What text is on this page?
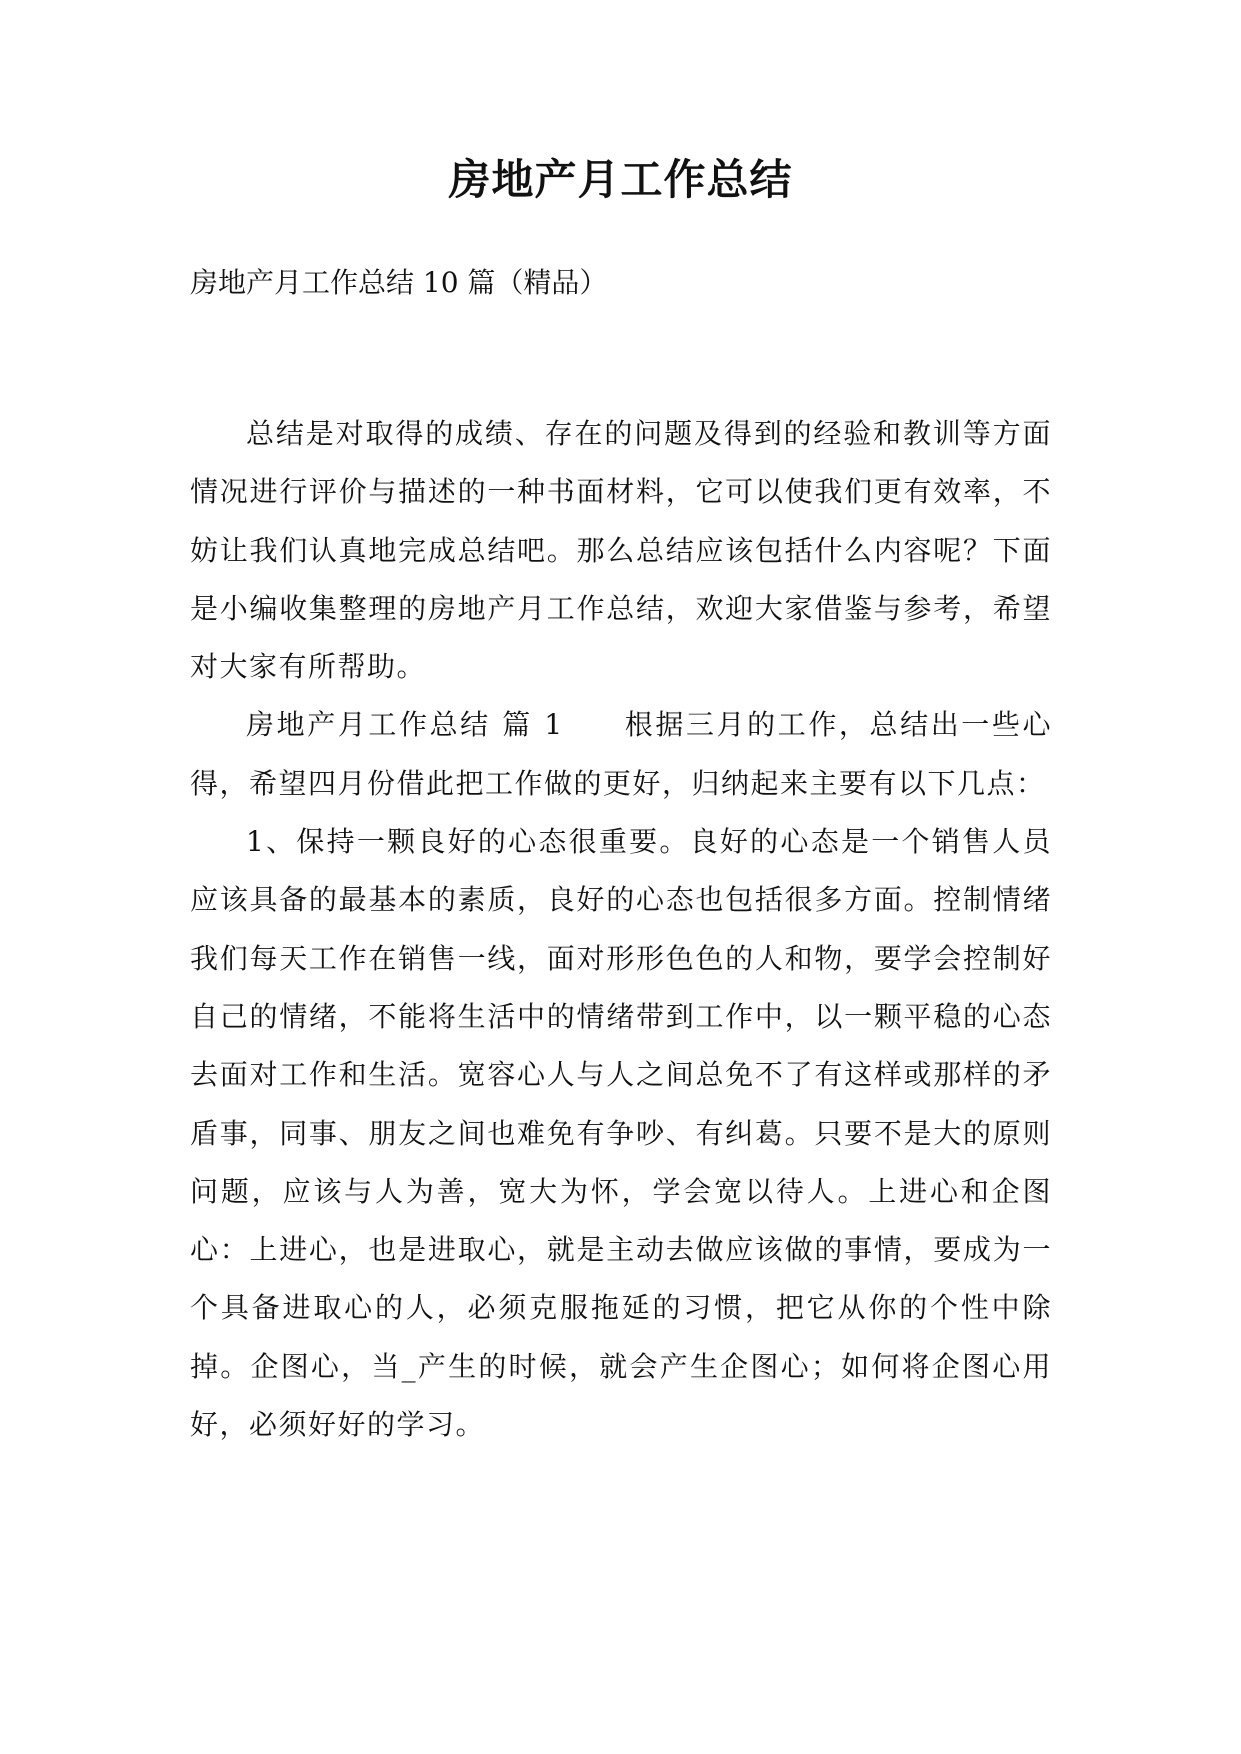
房地产月工作总结
房地产月工作总结 10 篇（精品）

总结是对取得的成绩、存在的问题及得到的经验和教训等方面情况进行评价与描述的一种书面材料，它可以使我们更有效率，不妨让我们认真地完成总结吧。那么总结应该包括什么内容呢？下面是小编收集整理的房地产月工作总结，欢迎大家借鉴与参考，希望对大家有所帮助。

房地产月工作总结 篇 1 根据三月的工作，总结出一些心得，希望四月份借此把工作做的更好，归纳起来主要有以下几点：

1、保持一颗良好的心态很重要。良好的心态是一个销售人员应该具备的最基本的素质，良好的心态也包括很多方面。控制情绪我们每天工作在销售一线，面对形形色色的人和物，要学会控制好自己的情绪，不能将生活中的情绪带到工作中，以一颗平稳的心态去面对工作和生活。宽容心人与人之间总免不了有这样或那样的矛盾事，同事、朋友之间也难免有争吵、有纠葛。只要不是大的原则问题，应该与人为善，宽大为怀，学会宽以待人。上进心和企图心：上进心，也是进取心，就是主动去做应该做的事情，要成为一个具备进取心的人，必须克服拖延的习惯，把它从你的个性中除掉。企图心，当_产生的时候，就会产生企图心；如何将企图心用好，必须好好的学习。
